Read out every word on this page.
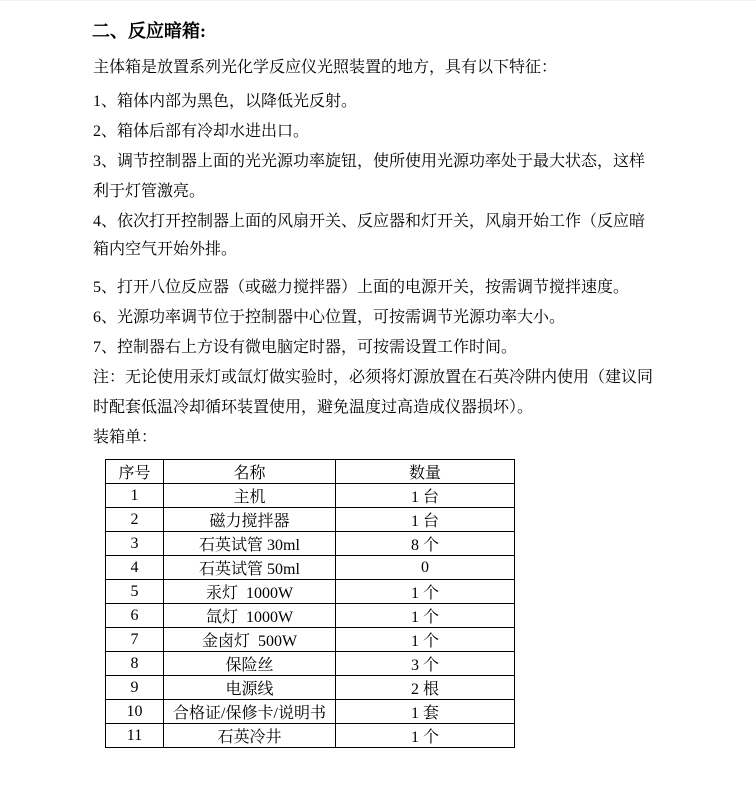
二、反应暗箱:
主体箱是放置系列光化学反应仪光照装置的地方，具有以下特征：
1、箱体内部为黑色，以降低光反射。
2、箱体后部有冷却水进出口。
3、调节控制器上面的光光源功率旋钮，使所使用光源功率处于最大状态，这样
利于灯管激亮。
4、依次打开控制器上面的风扇开关、反应器和灯开关，风扇开始工作（反应暗
箱内空气开始外排。
5、打开八位反应器（或磁力搅拌器）上面的电源开关，按需调节搅拌速度。
6、光源功率调节位于控制器中心位置，可按需调节光源功率大小。
7、控制器右上方设有微电脑定时器，可按需设置工作时间。
注：无论使用汞灯或氙灯做实验时，必须将灯源放置在石英冷阱内使用（建议同
时配套低温冷却循环装置使用，避免温度过高造成仪器损坏）。
装箱单：
序号	名称	数量
1	主机	1 台
2	磁力搅拌器	1 台
3	石英试管 30ml	8 个
4	石英试管 50ml	0
5	汞灯  1000W	1 个
6	氙灯  1000W	1 个
7	金卤灯  500W	1 个
8	保险丝	3 个
9	电源线	2 根
10	合格证/保修卡/说明书	1 套
11	石英冷井	1 个
